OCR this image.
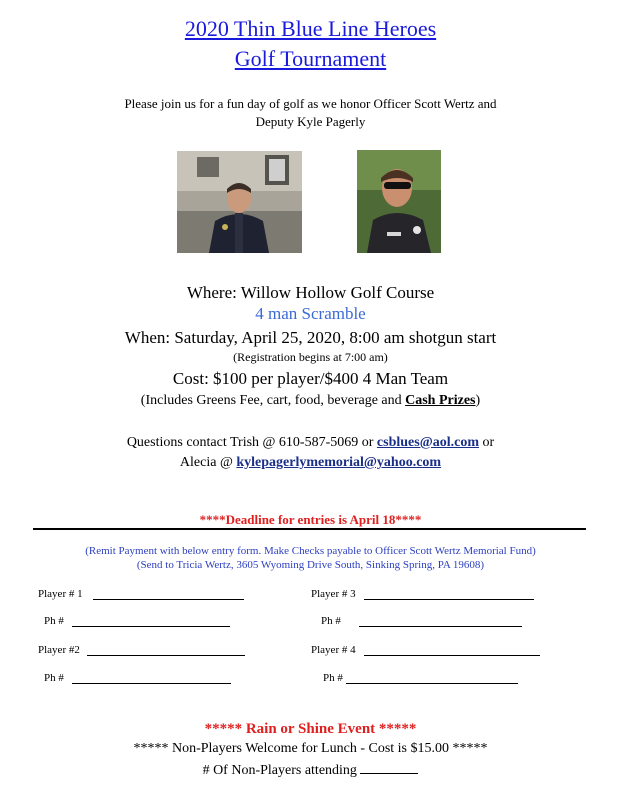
2020 Thin Blue Line Heroes
Golf Tournament
Please join us for a fun day of golf as we honor Officer Scott Wertz and
Deputy Kyle Pagerly
Where: Willow Hollow Golf Course
4 man Scramble
When: Saturday, April 25, 2020, 8:00 am shotgun start
(Registration begins at 7:00 am)
Cost: $100 per player/$400 4 Man Team
(Includes Greens Fee, cart, food, beverage and Cash Prizes)
Questions contact Trish @ 610-587-5069 or csblues@aol.com or
Alecia @ kylepagerlymemorial@yahoo.com
****Deadline for entries is April 18****
(Remit Payment with below entry form. Make Checks payable to Officer Scott Wertz Memorial Fund)
(Send to Tricia Wertz, 3605 Wyoming Drive South, Sinking Spring, PA 19608)
Player # 1
Ph #
Player #2
Ph #
Player # 3
Ph #
Player # 4
Ph #
***** Rain or Shine Event *****
***** Non-Players Welcome for Lunch - Cost is $15.00 *****
# Of Non-Players attending
